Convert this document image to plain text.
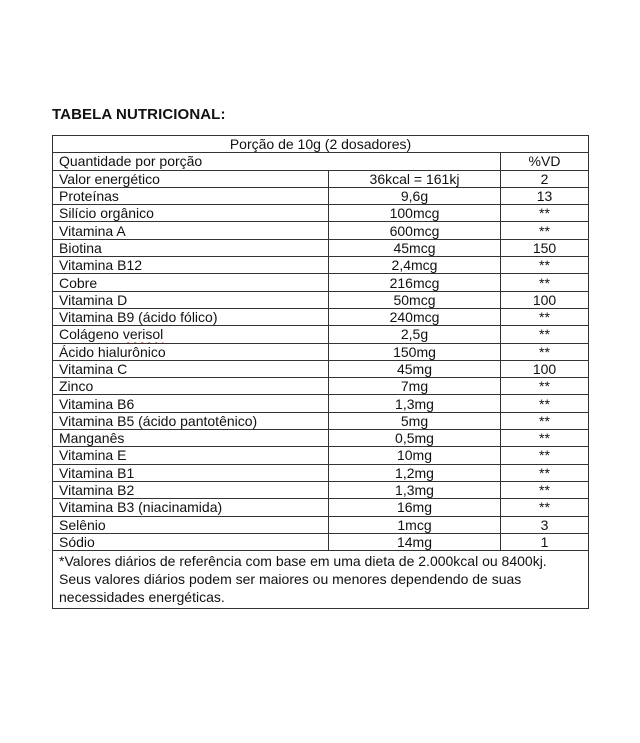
TABELA NUTRICIONAL:
Porção de 10g (2 dosadores)		
Quantidade por porção		%VD
Valor energético	36kcal = 161kj	2
Proteínas	9,6g	13
Silício orgânico	100mcg	**
Vitamina A	600mcg	**
Biotina	45mcg	150
Vitamina B12	2,4mcg	**
Cobre	216mcg	**
Vitamina D	50mcg	100
Vitamina B9 (ácido fólico)	240mcg	**
Colágeno verisol	2,5g	**
Ácido hialurônico	150mg	**
Vitamina C	45mg	100
Zinco	7mg	**
Vitamina B6	1,3mg	**
Vitamina B5 (ácido pantotênico)	5mg	**
Manganês	0,5mg	**
Vitamina E	10mg	**
Vitamina B1	1,2mg	**
Vitamina B2	1,3mg	**
Vitamina B3 (niacinamida)	16mg	**
Selênio	1mcg	3
Sódio	14mg	1
*Valores diários de referência com base em uma dieta de 2.000kcal ou 8400kj. Seus valores diários podem ser maiores ou menores dependendo de suas necessidades energéticas.		
